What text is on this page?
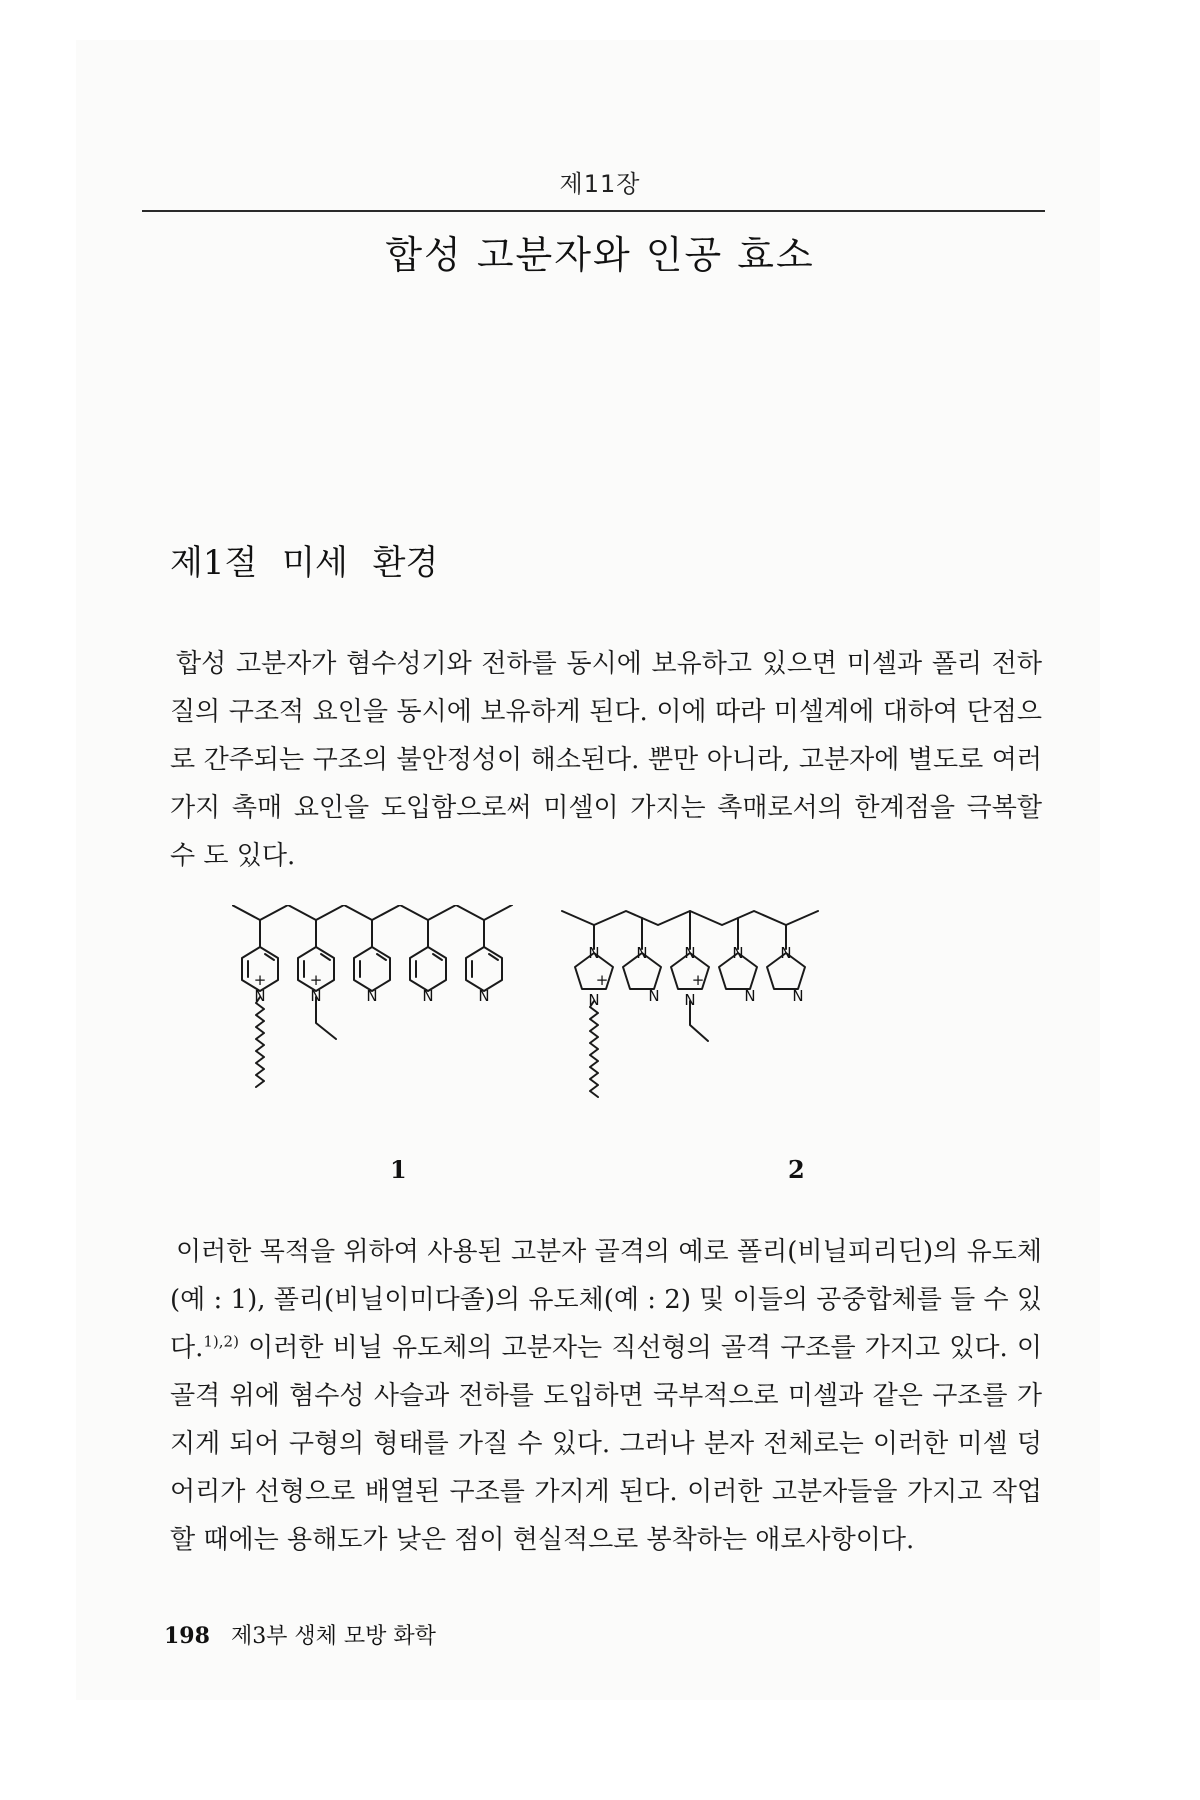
제11장
합성 고분자와 인공 효소
제1절 미세 환경

합성 고분자가 혐수성기와 전하를 동시에 보유하고 있으면 미셀과 폴리 전하질의 구조적 요인을 동시에 보유하게 된다. 이에 따라 미셀계에 대하여 단점으로 간주되는 구조의 불안정성이 해소된다. 뿐만 아니라, 고분자에 별도로 여러 가지 촉매 요인을 도입함으로써 미셀이 가지는 촉매로서의 한계점을 극복할 수 도 있다.

N	N	N	N	N
+	+
N
N
N
N
N
N
N
N
N
N
+	+
1	2

이러한 목적을 위하여 사용된 고분자 골격의 예로 폴리(비닐피리딘)의 유도체(예 : 1), 폴리(비닐이미다졸)의 유도체(예 : 2) 및 이들의 공중합체를 들 수 있다.$^{1),2)}$ 이러한 비닐 유도체의 고분자는 직선형의 골격 구조를 가지고 있다. 이 골격 위에 혐수성 사슬과 전하를 도입하면 국부적으로 미셀과 같은 구조를 가지게 되어 구형의 형태를 가질 수 있다. 그러나 분자 전체로는 이러한 미셀 덩어리가 선형으로 배열된 구조를 가지게 된다. 이러한 고분자들을 가지고 작업할 때에는 용해도가 낮은 점이 현실적으로 봉착하는 애로사항이다.

198 제3부 생체 모방 화학
